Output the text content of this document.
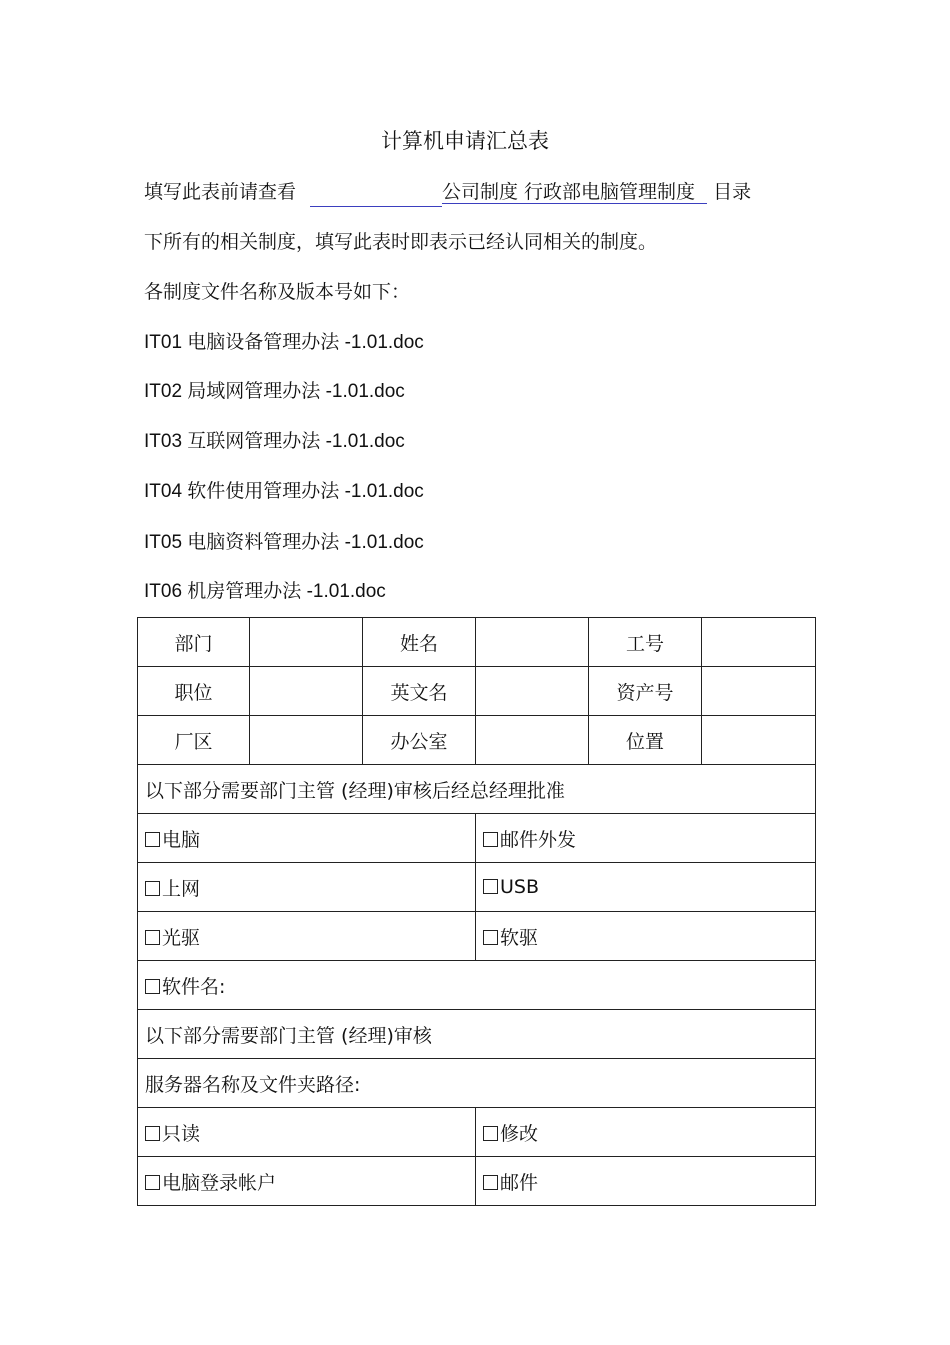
计算机申请汇总表
填写此表前请查看	公司制度 行政部电脑管理制度 目录
下所有的相关制度，填写此表时即表示已经认同相关的制度。
各制度文件名称及版本号如下：
IT01 电脑设备管理办法 -1.01.doc
IT02 局域网管理办法 -1.01.doc
IT03 互联网管理办法 -1.01.doc
IT04 软件使用管理办法 -1.01.doc
IT05 电脑资料管理办法 -1.01.doc
IT06 机房管理办法 -1.01.doc
部门		姓名		工号	
职位		英文名		资产号	
厂区		办公室		位置	
以下部分需要部门主管 (经理)审核后经总经理批准					
电脑			邮件外发		
上网			USB		
光驱			软驱		
软件名:					
以下部分需要部门主管 (经理)审核					
服务器名称及文件夹路径:					
只读			修改		
电脑登录帐户			邮件		
